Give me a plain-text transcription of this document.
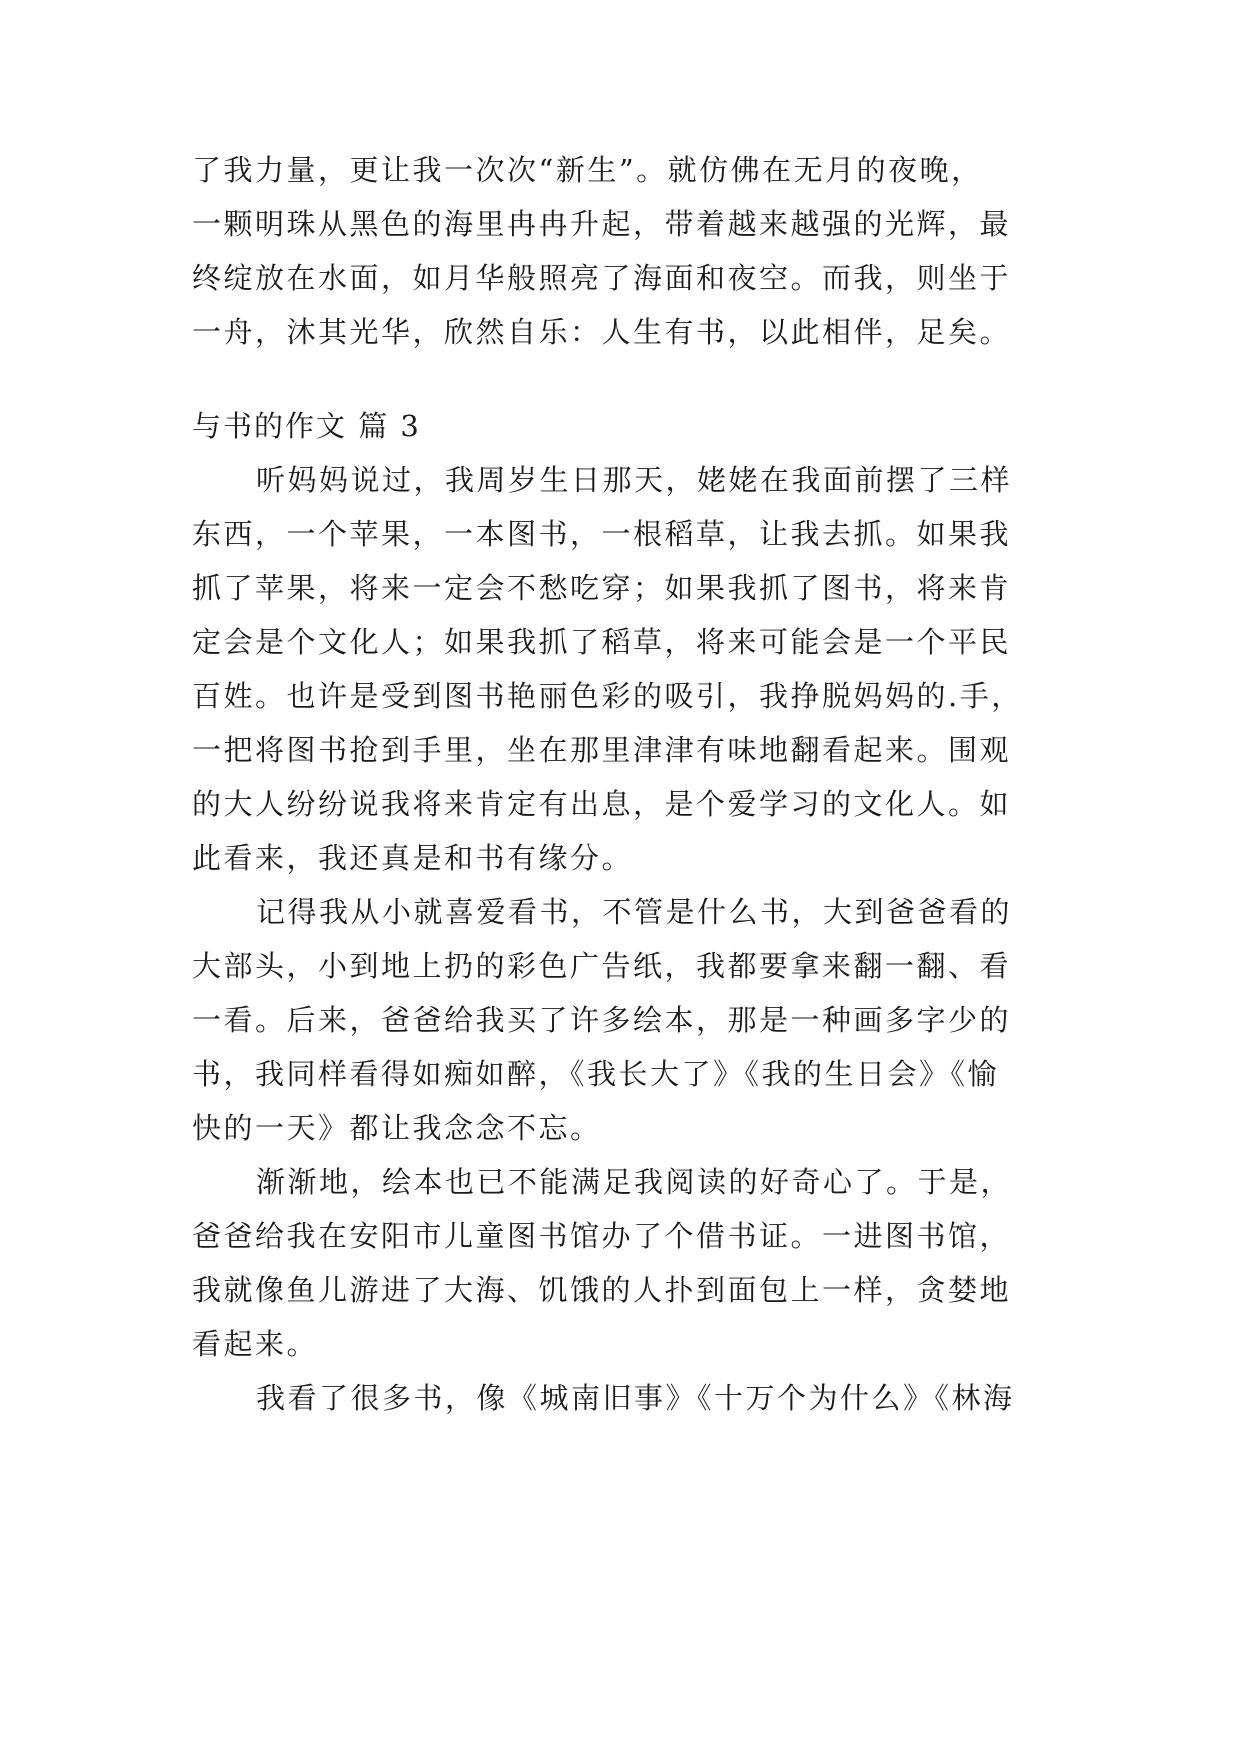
了我力量，更让我一次次“新生”。就仿佛在无月的夜晚，
一颗明珠从黑色的海里冉冉升起，带着越来越强的光辉，最
终绽放在水面，如月华般照亮了海面和夜空。而我，则坐于
一舟，沐其光华，欣然自乐：人生有书，以此相伴，足矣。
与书的作文 篇 3
听妈妈说过，我周岁生日那天，姥姥在我面前摆了三样
东西，一个苹果，一本图书，一根稻草，让我去抓。如果我
抓了苹果，将来一定会不愁吃穿；如果我抓了图书，将来肯
定会是个文化人；如果我抓了稻草，将来可能会是一个平民
百姓。也许是受到图书艳丽色彩的吸引，我挣脱妈妈的.手，
一把将图书抢到手里，坐在那里津津有味地翻看起来。围观
的大人纷纷说我将来肯定有出息，是个爱学习的文化人。如
此看来，我还真是和书有缘分。
记得我从小就喜爱看书，不管是什么书，大到爸爸看的
大部头，小到地上扔的彩色广告纸，我都要拿来翻一翻、看
一看。后来，爸爸给我买了许多绘本，那是一种画多字少的
书，我同样看得如痴如醉，《我长大了》《我的生日会》《愉
快的一天》都让我念念不忘。
渐渐地，绘本也已不能满足我阅读的好奇心了。于是，
爸爸给我在安阳市儿童图书馆办了个借书证。一进图书馆，
我就像鱼儿游进了大海、饥饿的人扑到面包上一样，贪婪地
看起来。
我看了很多书，像《城南旧事》《十万个为什么》《林海
